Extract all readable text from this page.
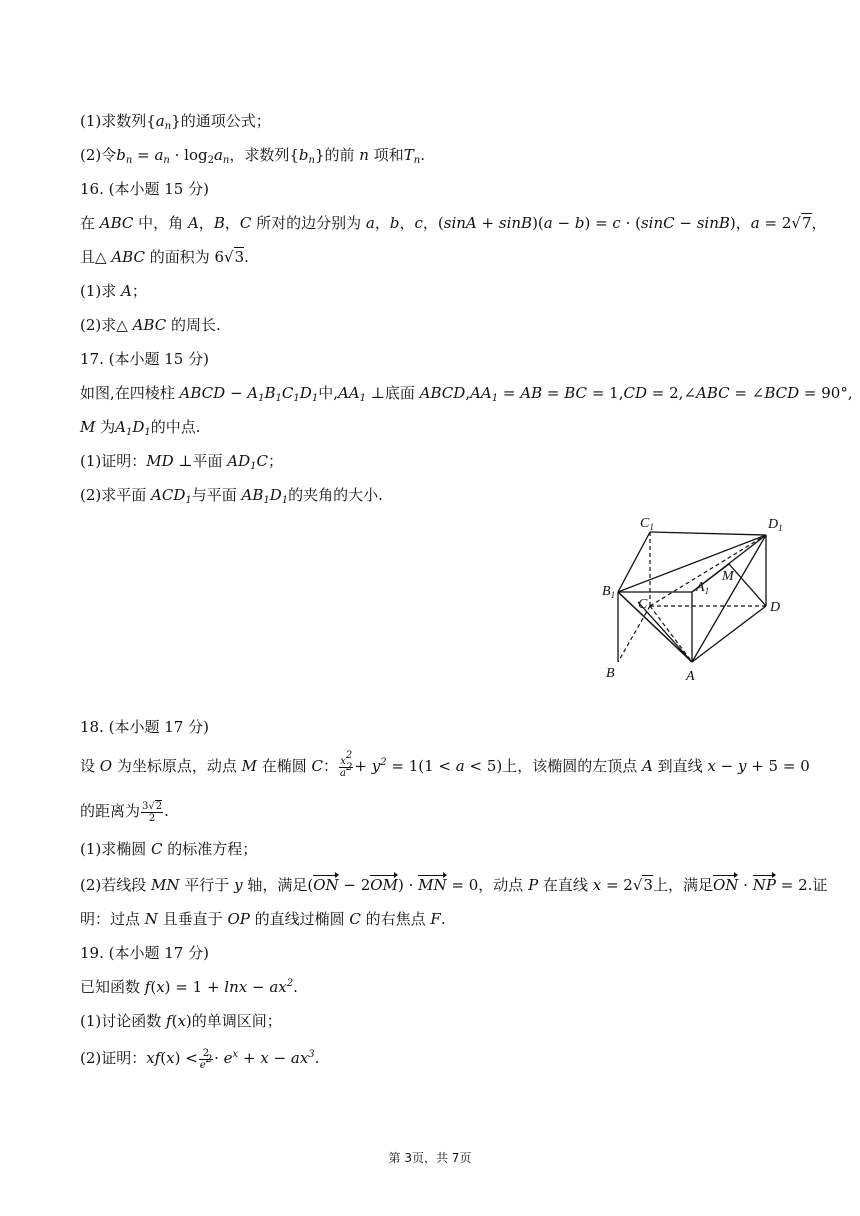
(1)求数列$\{a_n\}$的通项公式；
(2)令$b_n = a_n \cdot \log_2a_n$，求数列$\{b_n\}$的前 n 项和$T_n$.
16. (本小题 15 分)
在 ABC 中，角 A，B，C 所对的边分别为 a，b，c，(sinA + sinB)(a − b) = c · (sinC − sinB)，a = 2√7，
且△ ABC 的面积为 6√3.
(1)求 A；
(2)求△ ABC 的周长.
17. (本小题 15 分)
如图,在四棱柱 ABCD − $A_1B_1C_1D_1$中$,AA_1$ ⊥底面 $ABCD,AA_1$ = AB = BC = 1,CD = 2,∠ABC = ∠BCD = 90°,
M 为$A_1D_1$的中点.
(1)证明：MD ⊥平面 $AD_1C$；
(2)求平面 $ACD_1$与平面 $AB_1D_1$的夹角的大小.
$C_1$	$D_1$
$B_1$	$A_1$
M
C	D
B	A
18. (本小题 17 分)
设 O 为坐标原点，动点 M 在椭圆 C： $\frac{x^2}{a^2} + y^2 = 1(1 < a < 5)$上，该椭圆的左顶点 A 到直线 x − y + 5 = 0
的距离为 $\frac{3√2}{2}$ .
(1)求椭圆 C 的标准方程；
(2)若线段 MN 平行于 y 轴，满足(ON − 2OM) · MN = 0，动点 P 在直线 x = 2√3上，满足ON · NP = 2.证
明：过点 N 且垂直于 OP 的直线过椭圆 C 的右焦点 F.
19. (本小题 17 分)
已知函数 $f(x) = 1 + \ln x - ax^2$.
(1)讨论函数 f(x)的单调区间；
(2)证明：$xf(x) < \frac{2}{e^2} \cdot e^x + x - ax^3$.
第 3页，共 7页
